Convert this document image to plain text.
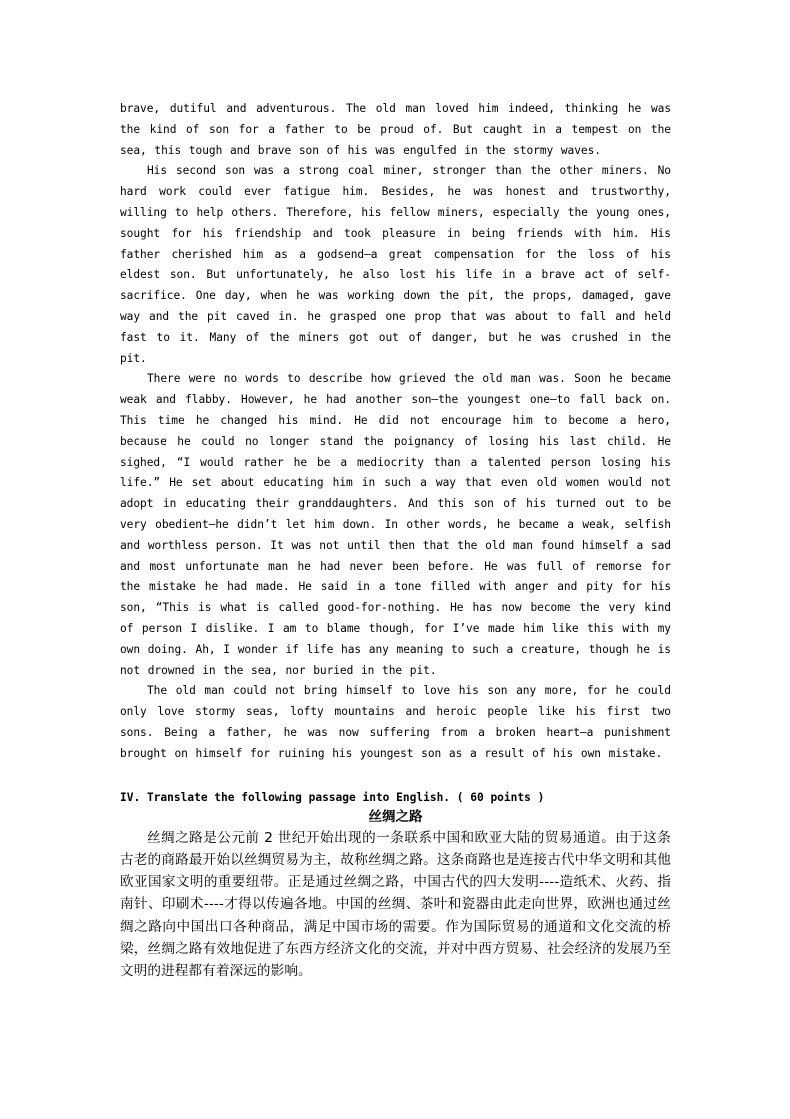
brave, dutiful and adventurous. The old man loved him indeed, thinking he was the kind of son for a father to be proud of. But caught in a tempest on the sea, this tough and brave son of his was engulfed in the stormy waves.

His second son was a strong coal miner, stronger than the other miners. No hard work could ever fatigue him. Besides, he was honest and trustworthy, willing to help others. Therefore, his fellow miners, especially the young ones, sought for his friendship and took pleasure in being friends with him. His father cherished him as a godsend—a great compensation for the loss of his eldest son. But unfortunately, he also lost his life in a brave act of self-sacrifice. One day, when he was working down the pit, the props, damaged, gave way and the pit caved in. he grasped one prop that was about to fall and held fast to it. Many of the miners got out of danger, but he was crushed in the pit.

There were no words to describe how grieved the old man was. Soon he became weak and flabby. However, he had another son—the youngest one—to fall back on. This time he changed his mind. He did not encourage him to become a hero, because he could no longer stand the poignancy of losing his last child. He sighed, “I would rather he be a mediocrity than a talented person losing his life.” He set about educating him in such a way that even old women would not adopt in educating their granddaughters. And this son of his turned out to be very obedient—he didn’t let him down. In other words, he became a weak, selfish and worthless person. It was not until then that the old man found himself a sad and most unfortunate man he had never been before. He was full of remorse for the mistake he had made. He said in a tone filled with anger and pity for his son, “This is what is called good-for-nothing. He has now become the very kind of person I dislike. I am to blame though, for I’ve made him like this with my own doing. Ah, I wonder if life has any meaning to such a creature, though he is not drowned in the sea, nor buried in the pit.

The old man could not bring himself to love his son any more, for he could only love stormy seas, lofty mountains and heroic people like his first two sons. Being a father, he was now suffering from a broken heart—a punishment brought on himself for ruining his youngest son as a result of his own mistake.

IV. Translate the following passage into English. ( 60 points )

丝绸之路

丝绸之路是公元前 2 世纪开始出现的一条联系中国和欧亚大陆的贸易通道。由于这条古老的商路最开始以丝绸贸易为主，故称丝绸之路。这条商路也是连接古代中华文明和其他欧亚国家文明的重要纽带。正是通过丝绸之路，中国古代的四大发明----造纸术、火药、指南针、印刷术----才得以传遍各地。中国的丝绸、茶叶和瓷器由此走向世界，欧洲也通过丝绸之路向中国出口各种商品，满足中国市场的需要。作为国际贸易的通道和文化交流的桥梁，丝绸之路有效地促进了东西方经济文化的交流，并对中西方贸易、社会经济的发展乃至文明的进程都有着深远的影响。
